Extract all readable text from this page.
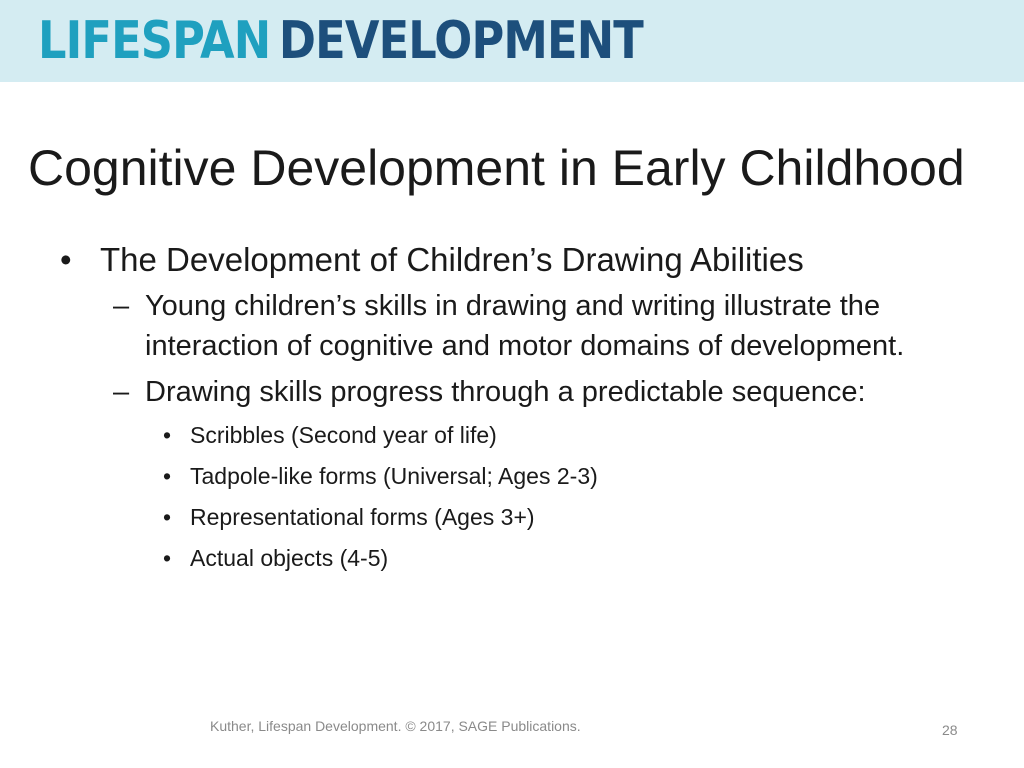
LIFESPAN DEVELOPMENT
Cognitive Development in Early Childhood
• The Development of Children’s Drawing Abilities
– Young children’s skills in drawing and writing illustrate the interaction of cognitive and motor domains of development.
– Drawing skills progress through a predictable sequence:
• Scribbles (Second year of life)
• Tadpole-like forms (Universal; Ages 2-3)
• Representational forms (Ages 3+)
• Actual objects (4-5)
Kuther, Lifespan Development. © 2017, SAGE Publications.	28
